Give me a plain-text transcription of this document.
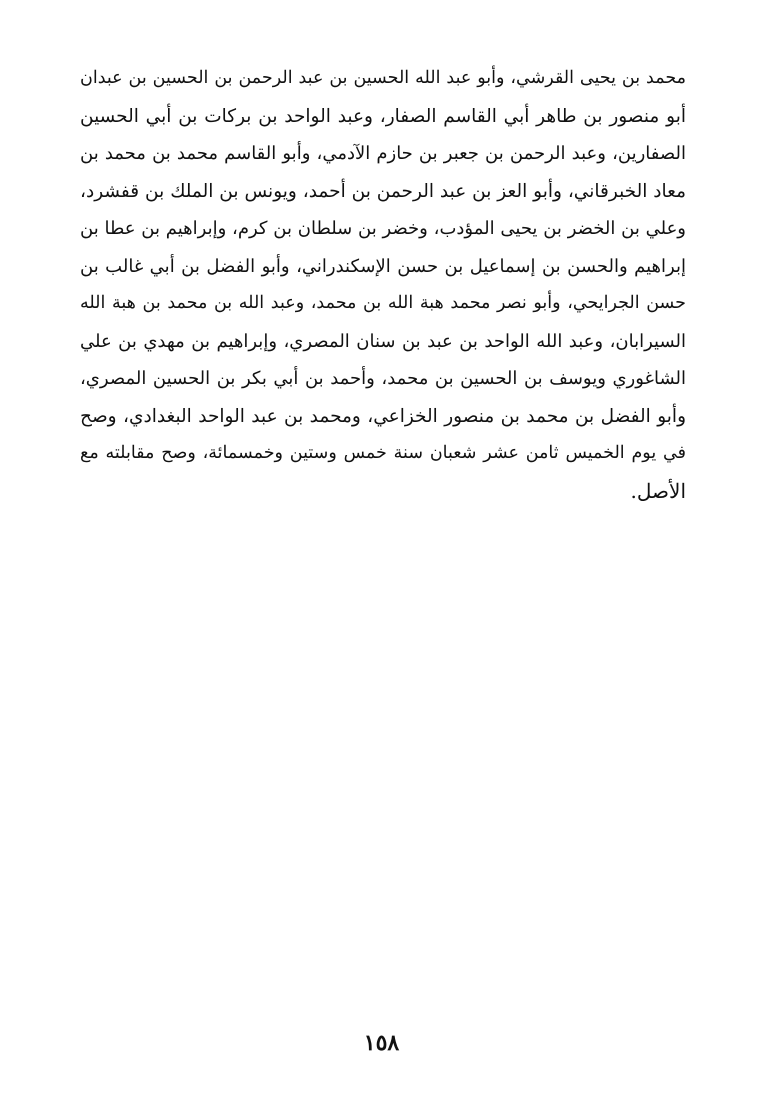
محمد بن يحيى القرشي، وأبو عبد الله الحسين بن عبد الرحمن بن الحسين بن عبدان
أبو منصور بن طاهر أبي القاسم الصفار، وعبد الواحد بن بركات بن أبي الحسين
الصفارين، وعبد الرحمن بن جعبر بن حازم الآدمي، وأبو القاسم محمد بن محمد بن
معاد الخبرقاني، وأبو العز بن عبد الرحمن بن أحمد، ويونس بن الملك بن قفشرد،
وعلي بن الخضر بن يحيى المؤدب، وخضر بن سلطان بن كرم، وإبراهيم بن عطا بن
إبراهيم والحسن بن إسماعيل بن حسن الإسكندراني، وأبو الفضل بن أبي غالب بن
حسن الجرايحي، وأبو نصر محمد هبة الله بن محمد، وعبد الله بن محمد بن هبة الله
السيرابان، وعبد الله الواحد بن عبد بن سنان المصري، وإبراهيم بن مهدي بن علي
الشاغوري ويوسف بن الحسين بن محمد، وأحمد بن أبي بكر بن الحسين المصري،
وأبو الفضل بن محمد بن منصور الخزاعي، ومحمد بن عبد الواحد البغدادي، وصح
في يوم الخميس ثامن عشر شعبان سنة خمس وستين وخمسمائة، وصح مقابلته مع
الأصل.
١٥٨
